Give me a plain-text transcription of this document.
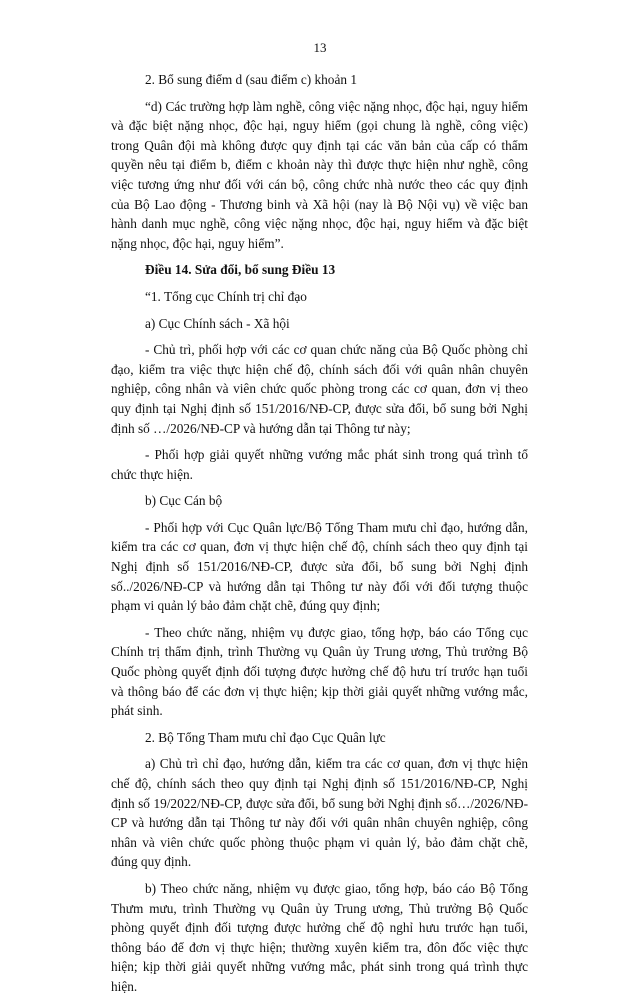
13

2. Bổ sung điểm d (sau điểm c) khoản 1

“d) Các trường hợp làm nghề, công việc nặng nhọc, độc hại, nguy hiểm và đặc biệt nặng nhọc, độc hại, nguy hiểm (gọi chung là nghề, công việc) trong Quân đội mà không được quy định tại các văn bản của cấp có thẩm quyền nêu tại điểm b, điểm c khoản này thì được thực hiện như nghề, công việc tương ứng như đối với cán bộ, công chức nhà nước theo các quy định của Bộ Lao động - Thương binh và Xã hội (nay là Bộ Nội vụ) về việc ban hành danh mục nghề, công việc nặng nhọc, độc hại, nguy hiểm và đặc biệt nặng nhọc, độc hại, nguy hiểm”.

Điều 14. Sửa đổi, bổ sung Điều 13

“1. Tổng cục Chính trị chỉ đạo

a) Cục Chính sách - Xã hội

- Chủ trì, phối hợp với các cơ quan chức năng của Bộ Quốc phòng chỉ đạo, kiểm tra việc thực hiện chế độ, chính sách đối với quân nhân chuyên nghiệp, công nhân và viên chức quốc phòng trong các cơ quan, đơn vị theo quy định tại Nghị định số 151/2016/NĐ-CP, được sửa đổi, bổ sung bởi Nghị định số …/2026/NĐ-CP và hướng dẫn tại Thông tư này;

- Phối hợp giải quyết những vướng mắc phát sinh trong quá trình tổ chức thực hiện.

b) Cục Cán bộ

- Phối hợp với Cục Quân lực/Bộ Tổng Tham mưu chỉ đạo, hướng dẫn, kiểm tra các cơ quan, đơn vị thực hiện chế độ, chính sách theo quy định tại Nghị định số 151/2016/NĐ-CP, được sửa đổi, bổ sung bởi Nghị định số../2026/NĐ-CP và hướng dẫn tại Thông tư này đối với đối tượng thuộc phạm vi quản lý bảo đảm chặt chẽ, đúng quy định;

- Theo chức năng, nhiệm vụ được giao, tổng hợp, báo cáo Tổng cục Chính trị thẩm định, trình Thường vụ Quân ủy Trung ương, Thủ trưởng Bộ Quốc phòng quyết định đối tượng được hưởng chế độ hưu trí trước hạn tuổi và thông báo để các đơn vị thực hiện; kịp thời giải quyết những vướng mắc, phát sinh.

2. Bộ Tổng Tham mưu chỉ đạo Cục Quân lực

a) Chủ trì chỉ đạo, hướng dẫn, kiểm tra các cơ quan, đơn vị thực hiện chế độ, chính sách theo quy định tại Nghị định số 151/2016/NĐ-CP, Nghị định số 19/2022/NĐ-CP, được sửa đổi, bổ sung bởi Nghị định số…/2026/NĐ-CP và hướng dẫn tại Thông tư này đối với quân nhân chuyên nghiệp, công nhân và viên chức quốc phòng thuộc phạm vi quản lý, bảo đảm chặt chẽ, đúng quy định.

b) Theo chức năng, nhiệm vụ được giao, tổng hợp, báo cáo Bộ Tổng Thưm mưu, trình Thường vụ Quân ủy Trung ương, Thủ trưởng Bộ Quốc phòng quyết định đối tượng được hưởng chế độ nghỉ hưu trước hạn tuổi, thông báo để đơn vị thực hiện; thường xuyên kiểm tra, đôn đốc việc thực hiện; kịp thời giải quyết những vướng mắc, phát sinh trong quá trình thực hiện.
